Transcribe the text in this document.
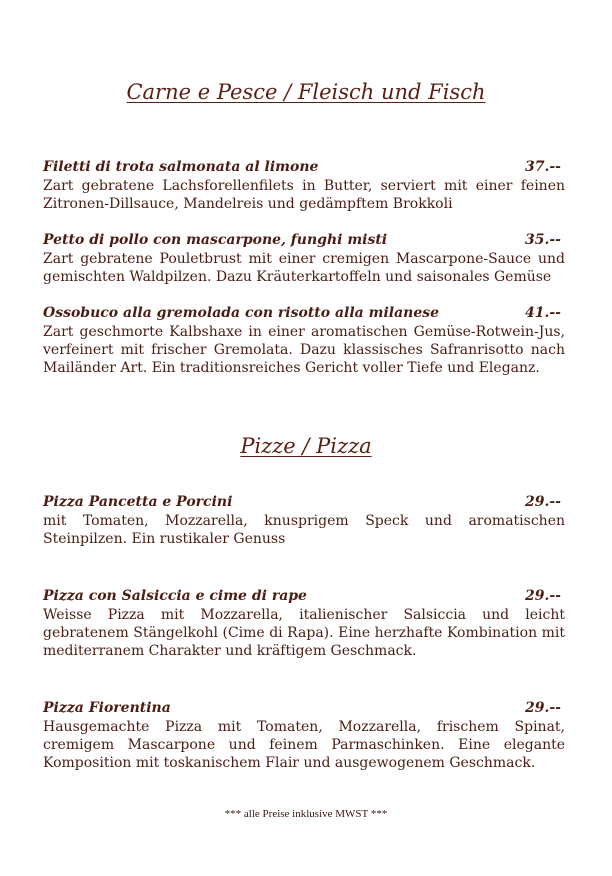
Carne e Pesce / Fleisch und Fisch
Filetti di trota salmonata al limone	37.--
Zart gebratene Lachsforellenfilets in Butter, serviert mit einer feinen Zitronen-Dillsauce, Mandelreis und gedämpftem Brokkoli
Petto di pollo con mascarpone, funghi misti	35.--
Zart gebratene Pouletbrust mit einer cremigen Mascarpone-Sauce und gemischten Waldpilzen. Dazu Kräuterkartoffeln und saisonales Gemüse
Ossobuco alla gremolada con risotto alla milanese	41.--
Zart geschmorte Kalbshaxe in einer aromatischen Gemüse-Rotwein-Jus, verfeinert mit frischer Gremolata. Dazu klassisches Safranrisotto nach Mailänder Art. Ein traditionsreiches Gericht voller Tiefe und Eleganz.
Pizze / Pizza
Pizza Pancetta e Porcini	29.--
mit Tomaten, Mozzarella, knusprigem Speck und aromatischen Steinpilzen. Ein rustikaler Genuss
Pizza con Salsiccia e cime di rape	29.--
Weisse Pizza mit Mozzarella, italienischer Salsiccia und leicht gebratenem Stängelkohl (Cime di Rapa). Eine herzhafte Kombination mit mediterranem Charakter und kräftigem Geschmack.
Pizza Fiorentina	29.--
Hausgemachte Pizza mit Tomaten, Mozzarella, frischem Spinat, cremigem Mascarpone und feinem Parmaschinken. Eine elegante Komposition mit toskanischem Flair und ausgewogenem Geschmack.
*** alle Preise inklusive MWST ***
